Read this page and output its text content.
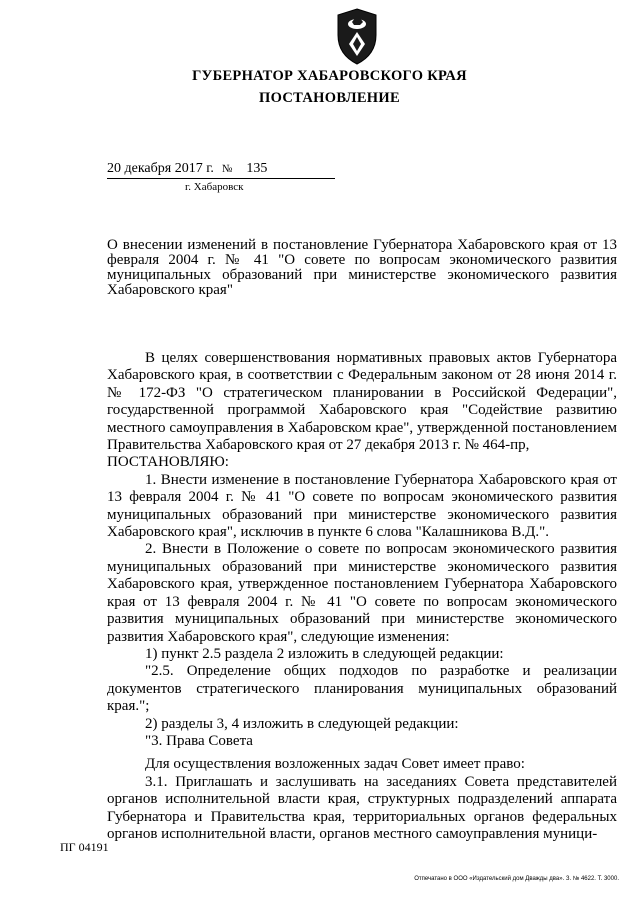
ГУБЕРНАТОР ХАБАРОВСКОГО КРАЯ
ПОСТАНОВЛЕНИЕ
20 декабря 2017 г. № 135
г. Хабаровск
О внесении изменений в постановление Губернатора Хабаровского края от 13 февраля 2004 г. № 41 "О совете по вопросам экономического развития муниципальных образований при министерстве экономического развития Хабаровского края"

В целях совершенствования нормативных правовых актов Губернатора Хабаровского края, в соответствии с Федеральным законом от 28 июня 2014 г. № 172-ФЗ "О стратегическом планировании в Российской Федерации", государственной программой Хабаровского края "Содействие развитию местного самоуправления в Хабаровском крае", утвержденной постановлением Правительства Хабаровского края от 27 декабря 2013 г. № 464-пр,

ПОСТАНОВЛЯЮ:

1. Внести изменение в постановление Губернатора Хабаровского края от 13 февраля 2004 г. № 41 "О совете по вопросам экономического развития муниципальных образований при министерстве экономического развития Хабаровского края", исключив в пункте 6 слова "Калашникова В.Д.".

2. Внести в Положение о совете по вопросам экономического развития муниципальных образований при министерстве экономического развития Хабаровского края, утвержденное постановлением Губернатора Хабаровского края от 13 февраля 2004 г. № 41 "О совете по вопросам экономического развития муниципальных образований при министерстве экономического развития Хабаровского края", следующие изменения:

1) пункт 2.5 раздела 2 изложить в следующей редакции:

"2.5. Определение общих подходов по разработке и реализации документов стратегического планирования муниципальных образований края.";

2) разделы 3, 4 изложить в следующей редакции:

"3. Права Совета

Для осуществления возложенных задач Совет имеет право:

3.1. Приглашать и заслушивать на заседаниях Совета представителей органов исполнительной власти края, структурных подразделений аппарата Губернатора и Правительства края, территориальных органов федеральных органов исполнительной власти, органов местного самоуправления муници-

ПГ 04191
Отпечатано в ООО «Издательский дом Дважды два». З. № 4622. Т. 3000.
